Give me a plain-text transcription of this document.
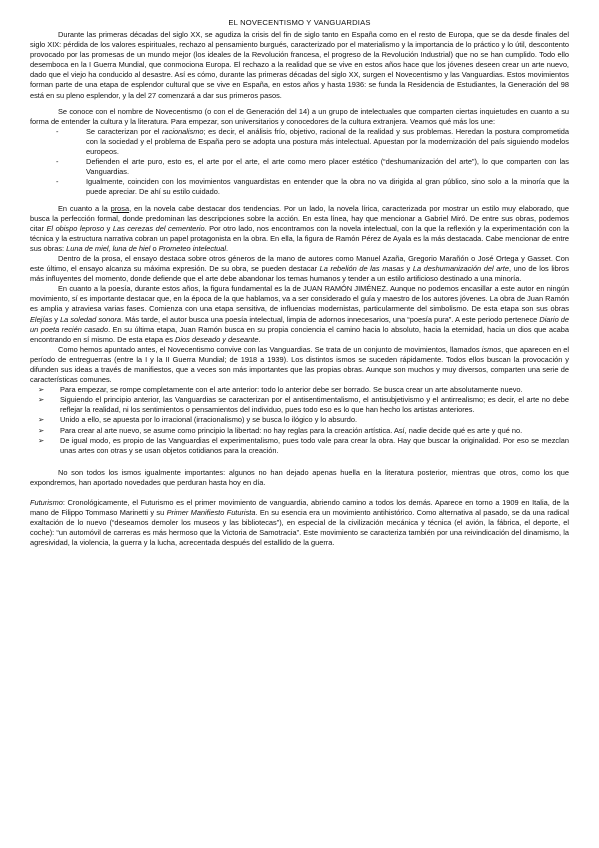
EL NOVECENTISMO Y VANGUARDIAS

Durante las primeras décadas del siglo XX, se agudiza la crisis del fin de siglo tanto en España como en el resto de Europa, que se da desde finales del siglo XIX: pérdida de los valores espirituales, rechazo al pensamiento burgués, caracterizado por el materialismo y la importancia de lo práctico y lo útil, descontento provocado por las promesas de un mundo mejor (los ideales de la Revolución francesa, el progreso de la Revolución Industrial) que no se han cumplido. Todo ello desemboca en la I Guerra Mundial, que conmociona Europa. El rechazo a la realidad que se vive en estos años hace que los jóvenes deseen crear un arte nuevo, dado que el viejo ha conducido al desastre. Así es cómo, durante las primeras décadas del siglo XX, surgen el Novecentismo y las Vanguardias. Estos movimientos forman parte de una etapa de esplendor cultural que se vive en España, en estos años y hasta 1936: se funda la Residencia de Estudiantes, la Generación del 98 está en su pleno esplendor, y la del 27 comenzará a dar sus primeros pasos.

Se conoce con el nombre de Novecentismo (o con el de Generación del 14) a un grupo de intelectuales que comparten ciertas inquietudes en cuanto a su forma de entender la cultura y la literatura. Para empezar, son universitarios y conocedores de la cultura extranjera. Veamos qué más los une:

- Se caracterizan por el racionalismo; es decir, el análisis frío, objetivo, racional de la realidad y sus problemas. Heredan la postura comprometida con la sociedad y el problema de España pero se adopta una postura más intelectual. Apuestan por la modernización del país siguiendo modelos europeos.
- Defienden el arte puro, esto es, el arte por el arte, el arte como mero placer estético (“deshumanización del arte”), lo que comparten con las Vanguardias.
- Igualmente, coinciden con los movimientos vanguardistas en entender que la obra no va dirigida al gran público, sino solo a la minoría que la puede apreciar. De ahí su estilo cuidado.

En cuanto a la prosa, en la novela cabe destacar dos tendencias. Por un lado, la novela lírica, caracterizada por mostrar un estilo muy elaborado, que busca la perfección formal, donde predominan las descripciones sobre la acción. En esta línea, hay que mencionar a Gabriel Miró. De entre sus obras, podemos citar El obispo leproso y Las cerezas del cementerio. Por otro lado, nos encontramos con la novela intelectual, con la que la reflexión y la experimentación con la técnica y la estructura narrativa cobran un papel protagonista en la obra. En ella, la figura de Ramón Pérez de Ayala es la más destacada. Cabe mencionar de entre sus obras: Luna de miel, luna de hiel o Prometeo intelectual.

Dentro de la prosa, el ensayo destaca sobre otros géneros de la mano de autores como Manuel Azaña, Gregorio Marañón o José Ortega y Gasset. Con este último, el ensayo alcanza su máxima expresión. De su obra, se pueden destacar La rebelión de las masas y La deshumanización del arte, uno de los libros más influyentes del momento, donde defiende que el arte debe abandonar los temas humanos y tender a un estilo artificioso destinado a una minoría.

En cuanto a la poesía, durante estos años, la figura fundamental es la de JUAN RAMÓN JIMÉNEZ. Aunque no podemos encasillar a este autor en ningún movimiento, sí es importante destacar que, en la época de la que hablamos, va a ser considerado el guía y maestro de los autores jóvenes. La obra de Juan Ramón es amplia y atraviesa varias fases. Comienza con una etapa sensitiva, de influencias modernistas, particularmente del simbolismo. De esta etapa son sus obras Elejías y La soledad sonora. Más tarde, el autor busca una poesía intelectual, limpia de adornos innecesarios, una “poesía pura”. A este periodo pertenece Diario de un poeta recién casado. En su última etapa, Juan Ramón busca en su propia conciencia el camino hacia lo absoluto, hacia la eternidad, hacia un dios que acaba encontrando en sí mismo. De esta etapa es Dios deseado y deseante.

Como hemos apuntado antes, el Novecentismo convive con las Vanguardias. Se trata de un conjunto de movimientos, llamados ismos, que aparecen en el período de entreguerras (entre la I y la II Guerra Mundial; de 1918 a 1939). Los distintos ismos se suceden rápidamente. Todos ellos buscan la provocación y difunden sus ideas a través de manifiestos, que a veces son más importantes que las propias obras. Aunque son muchos y muy diversos, comparten una serie de características comunes.

➢ Para empezar, se rompe completamente con el arte anterior: todo lo anterior debe ser borrado. Se busca crear un arte absolutamente nuevo.
➢ Siguiendo el principio anterior, las Vanguardias se caracterizan por el antisentimentalismo, el antisubjetivismo y el antirrealismo; es decir, el arte no debe reflejar la realidad, ni los sentimientos o pensamientos del individuo, pues todo eso es lo que han hecho los artistas anteriores.
➢ Unido a ello, se apuesta por lo irracional (irracionalismo) y se busca lo ilógico y lo absurdo.
➢ Para crear al arte nuevo, se asume como principio la libertad: no hay reglas para la creación artística. Así, nadie decide qué es arte y qué no.
➢ De igual modo, es propio de las Vanguardias el experimentalismo, pues todo vale para crear la obra. Hay que buscar la originalidad. Por eso se mezclan unas artes con otras y se usan objetos cotidianos para la creación.

No son todos los ismos igualmente importantes: algunos no han dejado apenas huella en la literatura posterior, mientras que otros, como los que expondremos, han aportado novedades que perduran hasta hoy en día.

Futurismo: Cronológicamente, el Futurismo es el primer movimiento de vanguardia, abriendo camino a todos los demás. Aparece en torno a 1909 en Italia, de la mano de Filippo Tommaso Marinetti y su Primer Manifiesto Futurista. En su esencia era un movimiento antihistórico. Como alternativa al pasado, se da una radical exaltación de lo nuevo (“deseamos demoler los museos y las bibliotecas”), en especial de la civilización mecánica y técnica (el avión, la fábrica, el deporte, el coche): “un automóvil de carreras es más hermoso que la Victoria de Samotracia”. Este movimiento se caracteriza también por una reivindicación del dinamismo, la agresividad, la violencia, la guerra y la lucha, acrecentada después del estallido de la guerra.
